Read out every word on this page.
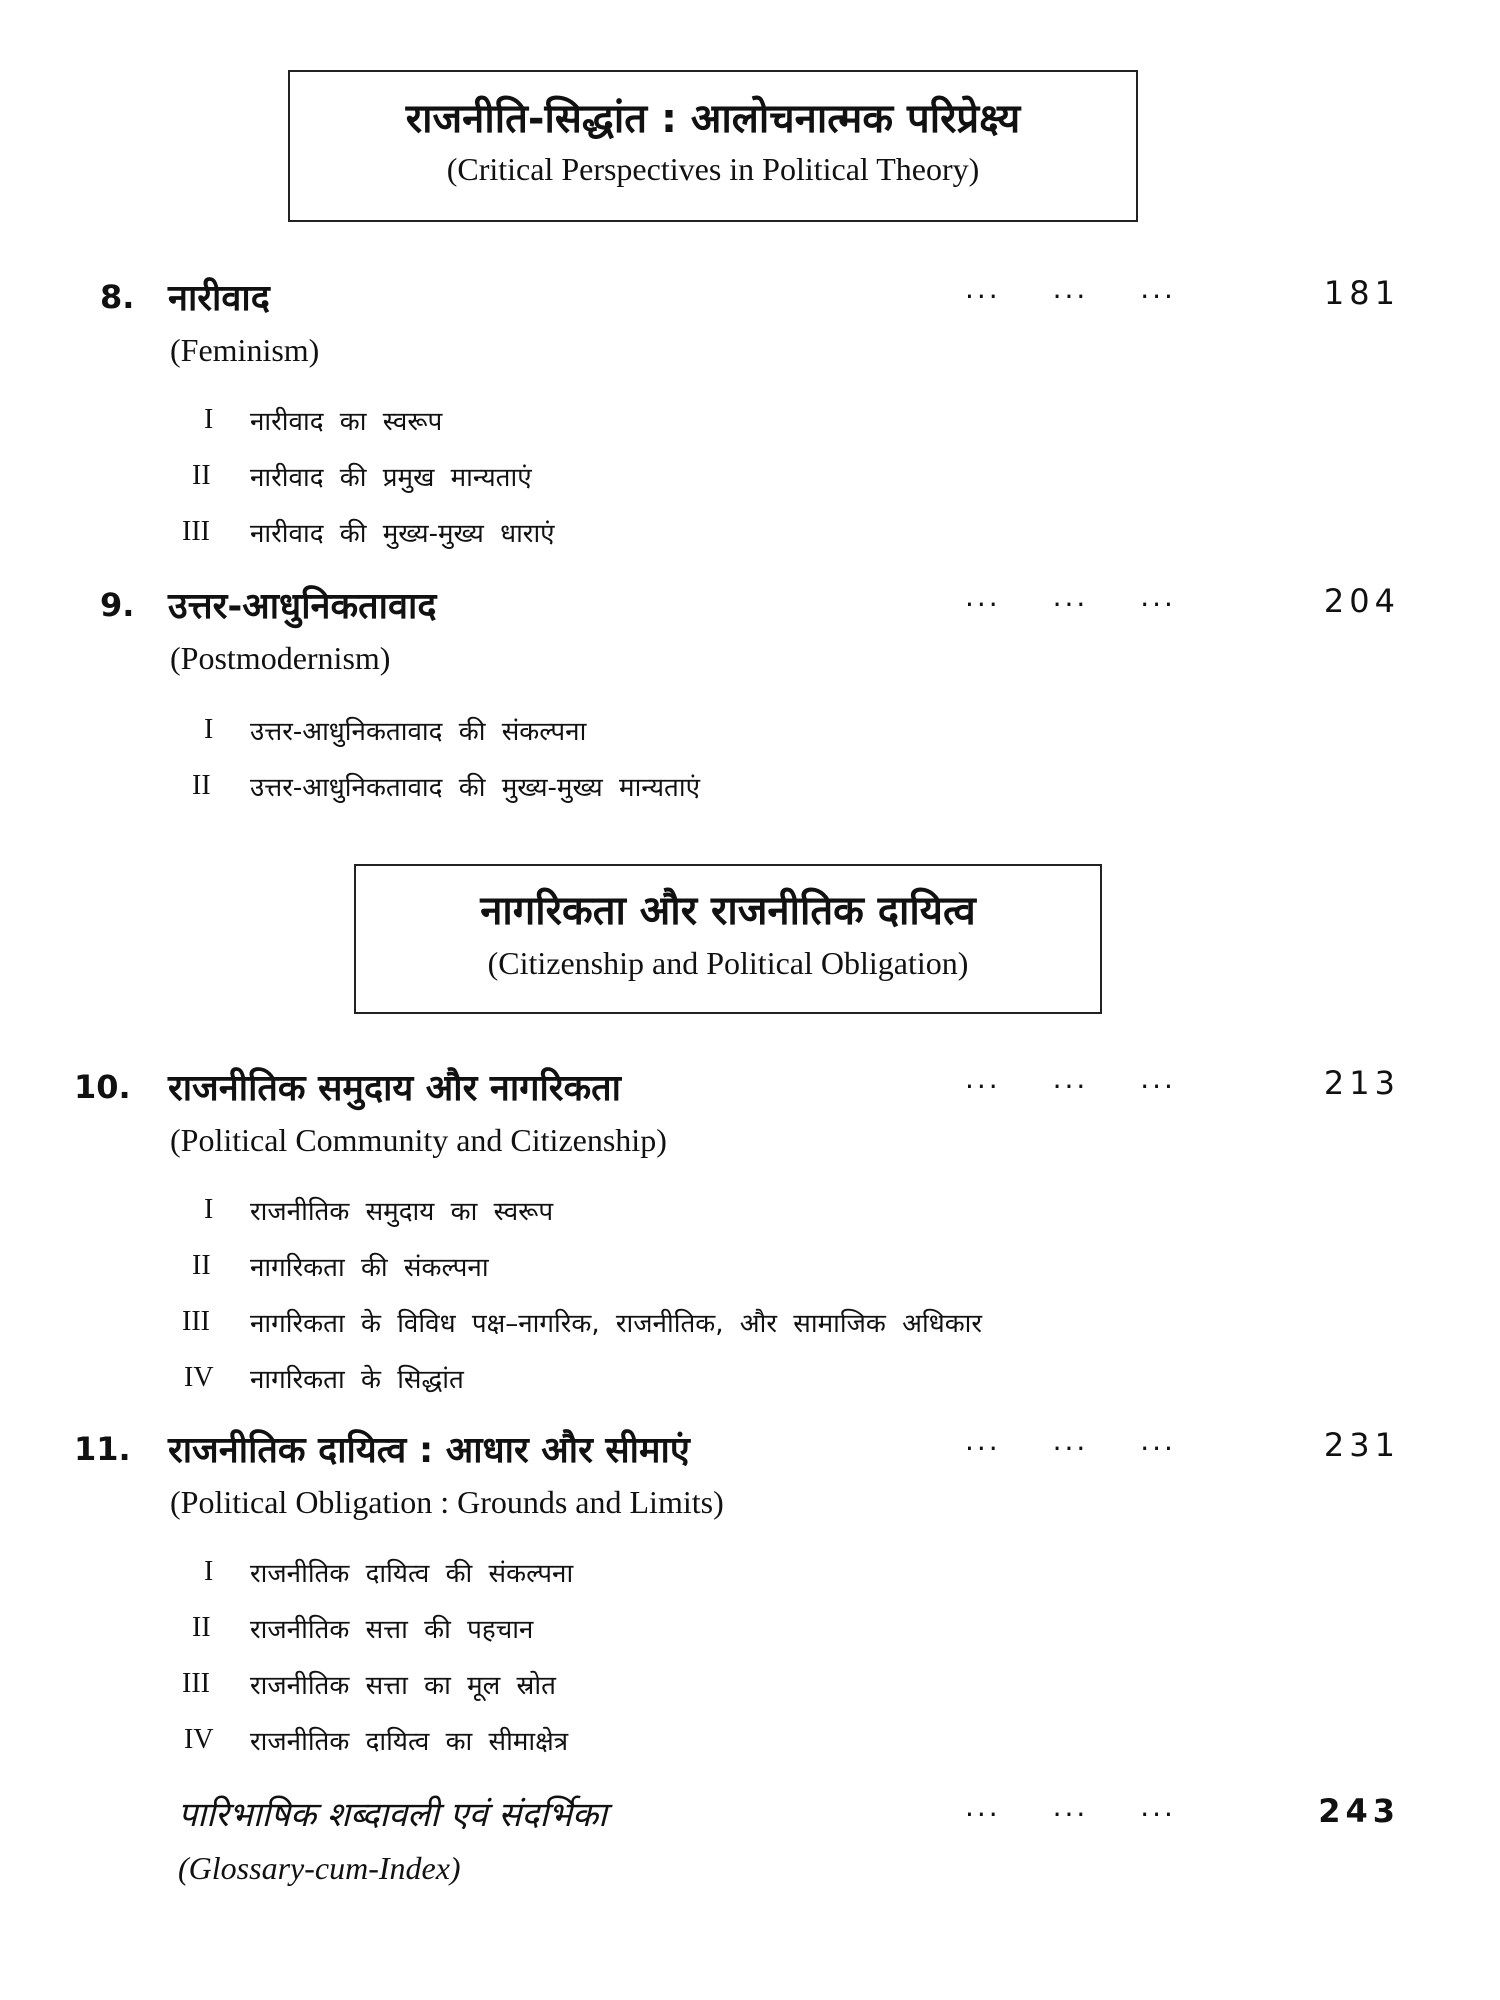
राजनीति-सिद्धांत : आलोचनात्मक परिप्रेक्ष्य

(Critical Perspectives in Political Theory)

8. नारीवाद	... ... ...	181
(Feminism)
I	नारीवाद का स्वरूप
II	नारीवाद की प्रमुख मान्यताएं
III	नारीवाद की मुख्य-मुख्य धाराएं
9. उत्तर-आधुनिकतावाद	... ... ...	204
(Postmodernism)
I	उत्तर-आधुनिकतावाद की संकल्पना
II	उत्तर-आधुनिकतावाद की मुख्य-मुख्य मान्यताएं

नागरिकता और राजनीतिक दायित्व

(Citizenship and Political Obligation)

10. राजनीतिक समुदाय और नागरिकता	... ... ...	213
(Political Community and Citizenship)
I	राजनीतिक समुदाय का स्वरूप
II	नागरिकता की संकल्पना
III	नागरिकता के विविध पक्ष–नागरिक, राजनीतिक, और सामाजिक अधिकार
IV	नागरिकता के सिद्धांत
11. राजनीतिक दायित्व : आधार और सीमाएं	... ... ...	231
(Political Obligation : Grounds and Limits)
I	राजनीतिक दायित्व की संकल्पना
II	राजनीतिक सत्ता की पहचान
III	राजनीतिक सत्ता का मूल स्रोत
IV	राजनीतिक दायित्व का सीमाक्षेत्र
पारिभाषिक शब्दावली एवं संदर्भिका	... ... ...	243
(Glossary-cum-Index)
